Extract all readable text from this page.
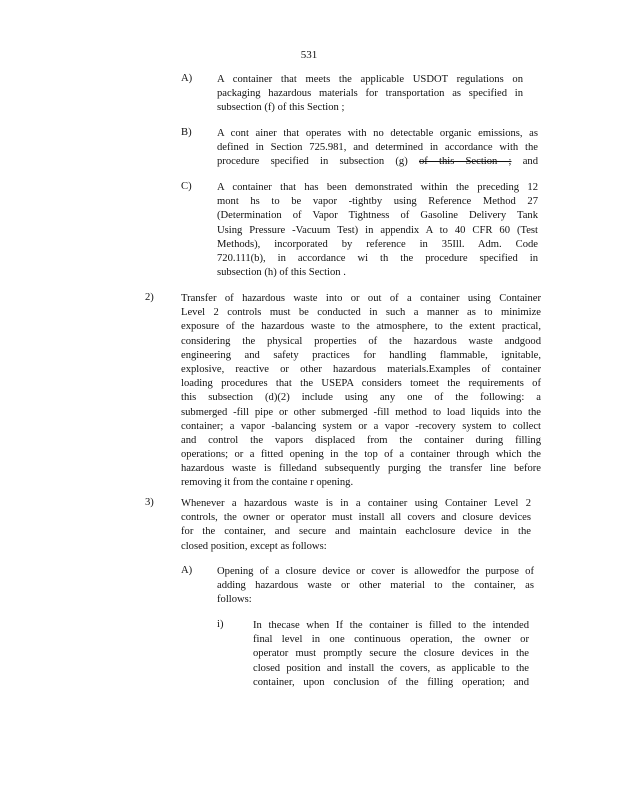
531
A) A container that meets the applicable USDOT regulations on
packaging hazardous materials for transportation as specified in
subsection (f) of this Section ;
B) A cont ainer that operates with no detectable organic emissions, as
defined in Section 725.981, and determined in accordance with the
procedure specified in subsection (g) of this Section ; and
C) A container that has been demonstrated within the preceding 12
mont hs to be vapor -tightby using Reference Method 27
(Determination of Vapor Tightness of Gasoline Delivery Tank
Using Pressure -Vacuum Test) in appendix A to 40 CFR 60 (Test
Methods), incorporated by reference in 35Ill. Adm. Code
720.111(b), in accordance wi th the procedure specified in
subsection (h) of this Section .
2)	Transfer of hazardous waste into or out of a container using Container
Level 2 controls must be conducted in such a manner as to minimize
exposure of the hazardous waste to the atmosphere, to the extent practical,
considering the physical properties of the hazardous waste andgood
engineering and safety practices for handling flammable, ignitable,
explosive, reactive or other hazardous materials.Examples of container
loading procedures that the USEPA considers tomeet the requirements of
this subsection (d)(2) include using any one of the following: a
submerged -fill pipe or other submerged -fill method to load liquids into the
container; a vapor -balancing system or a vapor -recovery system to collect
and control the vapors displaced from the container during filling
operations; or a fitted opening in the top of a container through which the
hazardous waste is filledand subsequently purging the transfer line before
removing it from the containe r opening.
3)	Whenever a hazardous waste is in a container using Container Level 2
controls, the owner or operator must install all covers and closure devices
for the container, and secure and maintain eachclosure device in the
closed position, except as follows:
A) Opening of a closure device or cover is allowedfor the purpose of
adding hazardous waste or other material to the container, as
follows:
i)	In thecase when If the container is filled to the intended
final level in one continuous operation, the owner or
operator must promptly secure the closure devices in the
closed position and install the covers, as applicable to the
container, upon conclusion of the filling operation; and
